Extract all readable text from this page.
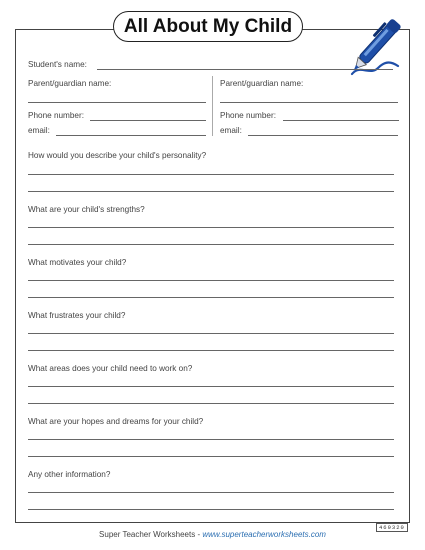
All About My Child
Student's name:
Parent/guardian name:	Parent/guardian name:
Phone number:	Phone number:
email:	email:
How would you describe your child's personality?
What are your child's strengths?
What motivates your child?
What frustrates your child?
What areas does your child need to work on?
What are your hopes and dreams for your child?
Any other information?
Super Teacher Worksheets - www.superteacherworksheets.com
469320
